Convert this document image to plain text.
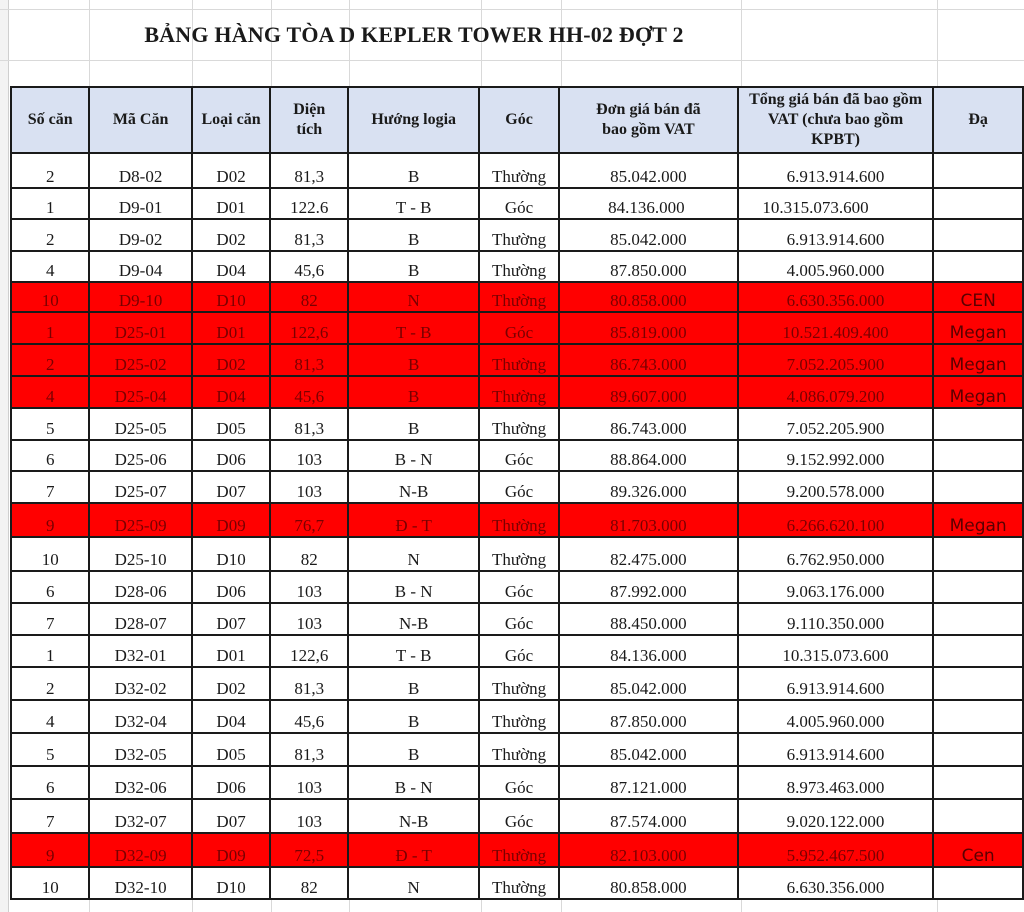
BẢNG HÀNG TÒA D KEPLER TOWER HH-02 ĐỢT 2
Số căn	Mã Căn	Loại căn	Diện tích	Hướng logia	Góc	Đơn giá bán đã bao gồm VAT	Tổng giá bán đã bao gồm VAT (chưa bao gồm KPBT)	Đạ
2	D8-02	D02	81,3	B	Thường	85.042.000	6.913.914.600	
1	D9-01	D01	122.6	T - B	Góc	84.136.000	10.315.073.600	
2	D9-02	D02	81,3	B	Thường	85.042.000	6.913.914.600	
4	D9-04	D04	45,6	B	Thường	87.850.000	4.005.960.000	
10	D9-10	D10	82	N	Thường	80.858.000	6.630.356.000	CEN
1	D25-01	D01	122,6	T - B	Góc	85.819.000	10.521.409.400	Megan
2	D25-02	D02	81,3	B	Thường	86.743.000	7.052.205.900	Megan
4	D25-04	D04	45,6	B	Thường	89.607.000	4.086.079.200	Megan
5	D25-05	D05	81,3	B	Thường	86.743.000	7.052.205.900	
6	D25-06	D06	103	B - N	Góc	88.864.000	9.152.992.000	
7	D25-07	D07	103	N-B	Góc	89.326.000	9.200.578.000	
9	D25-09	D09	76,7	Đ - T	Thường	81.703.000	6.266.620.100	Megan
10	D25-10	D10	82	N	Thường	82.475.000	6.762.950.000	
6	D28-06	D06	103	B - N	Góc	87.992.000	9.063.176.000	
7	D28-07	D07	103	N-B	Góc	88.450.000	9.110.350.000	
1	D32-01	D01	122,6	T - B	Góc	84.136.000	10.315.073.600	
2	D32-02	D02	81,3	B	Thường	85.042.000	6.913.914.600	
4	D32-04	D04	45,6	B	Thường	87.850.000	4.005.960.000	
5	D32-05	D05	81,3	B	Thường	85.042.000	6.913.914.600	
6	D32-06	D06	103	B - N	Góc	87.121.000	8.973.463.000	
7	D32-07	D07	103	N-B	Góc	87.574.000	9.020.122.000	
9	D32-09	D09	72,5	Đ - T	Thường	82.103.000	5.952.467.500	Cen
10	D32-10	D10	82	N	Thường	80.858.000	6.630.356.000	
